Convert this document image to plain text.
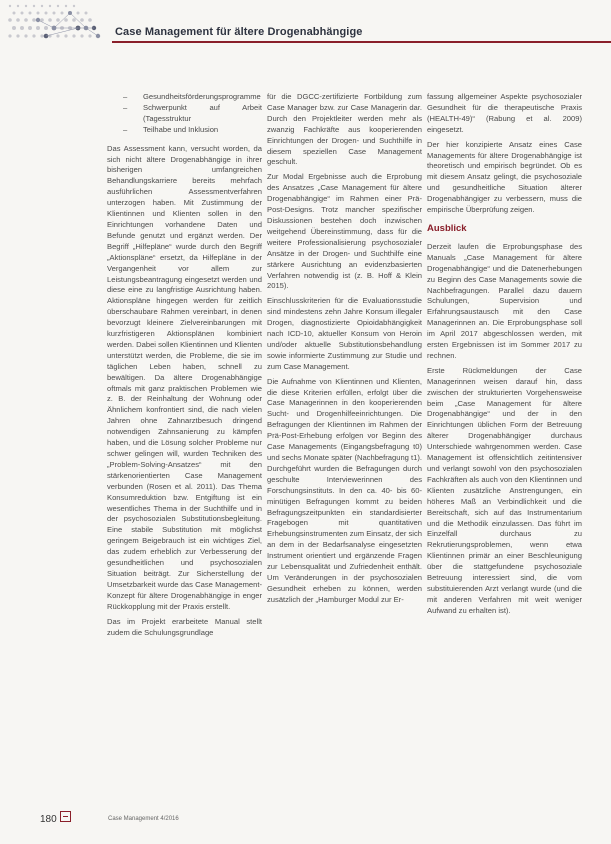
Case Management für ältere Drogenabhängige
– Gesundheitsförderungsprogramme
– Schwerpunkt auf Arbeit (Tagesstruktur
– Teilhabe und Inklusion

Das Assessment kann, versucht worden, da sich nicht ältere Drogenabhängige in ihrer bisherigen umfangreichen Behandlungskarriere bereits mehrfach ausführlichen Assessmentverfahren unterzogen haben. Mit Zustimmung der Klientinnen und Klienten sollen in den Einrichtungen vorhandene Daten und Befunde genutzt und ergänzt werden. Der Begriff „Hilfepläne“ wurde durch den Begriff „Aktionspläne“ ersetzt, da Hilfepläne in der Vergangenheit vor allem zur Leistungsbeantragung eingesetzt werden und diese eine zu langfristige Ausrichtung haben. Aktionspläne hingegen werden für zeitlich überschaubare Rahmen vereinbart, in denen bevorzugt kleinere Zielvereinbarungen mit kurzfristigeren Aktionsplänen kombiniert werden. Dabei sollen Klientinnen und Klienten unterstützt werden, die Probleme, die sie im täglichen Leben haben, schnell zu bewältigen. Da ältere Drogenabhängige oftmals mit ganz praktischen Problemen wie z. B. der Reinhaltung der Wohnung oder Ähnlichem konfrontiert sind, die nach vielen Jahren ohne Zahnarztbesuch dringend notwendigen Zahnsanierung zu kämpfen haben, und die Lösung solcher Probleme nur schwer gelingen will, wurden Techniken des „Problem-Solving-Ansatzes“ mit den stärkenorientierten Case Management verbunden (Rosen et al. 2011). Das Thema Konsumreduktion bzw. Entgiftung ist ein wesentliches Thema in der Suchthilfe und in der psychosozialen Substitutionsbegleitung. Eine stabile Substitution mit möglichst geringem Beigebrauch ist ein wichtiges Ziel, das zudem erheblich zur Verbesserung der gesundheitlichen und psychosozialen Situation beiträgt. Zur Sicherstellung der Umsetzbarkeit wurde das Case Management-Konzept für ältere Drogenabhängige in enger Rückkopplung mit der Praxis erstellt.

Das im Projekt erarbeitete Manual stellt zudem die Schulungsgrundlage

für die DGCC-zertifizierte Fortbildung zum Case Manager bzw. zur Case Managerin dar. Durch den Projektleiter werden mehr als zwanzig Fachkräfte aus kooperierenden Einrichtungen der Drogen- und Suchthilfe in diesem speziellen Case Management geschult.

Zur Modal Ergebnisse auch die Erprobung des Ansatzes „Case Management für ältere Drogenabhängige“ im Rahmen einer Prä-Post-Designs. Trotz mancher spezifischer Diskussionen bestehen doch inzwischen weitgehend Übereinstimmung, dass für die weitere Professionalisierung psychosozialer Ansätze in der Drogen- und Suchthilfe eine stärkere Ausrichtung an evidenzbasierten Verfahren notwendig ist (z. B. Hoff & Klein 2015).

Einschlusskriterien für die Evaluationsstudie sind mindestens zehn Jahre Konsum illegaler Drogen, diagnostizierte Opioidabhängigkeit nach ICD-10, aktueller Konsum von Heroin und/oder aktuelle Substitutionsbehandlung sowie informierte Zustimmung zur Studie und zum Case Management.

Die Aufnahme von Klientinnen und Klienten, die diese Kriterien erfüllen, erfolgt über die Case Managerinnen in den kooperierenden Sucht- und Drogenhilfeeinrichtungen. Die Befragungen der Klientinnen im Rahmen der Prä-Post-Erhebung erfolgen vor Beginn des Case Managements (Eingangsbefragung t0) und sechs Monate später (Nachbefragung t1). Durchgeführt wurden die Befragungen durch geschulte Interviewerinnen des Forschungsinstituts. In den ca. 40- bis 60-minütigen Befragungen kommt zu beiden Befragungszeitpunkten ein standardisierter Fragebogen mit quantitativen Erhebungsinstrumenten zum Einsatz, der sich an dem in der Bedarfsanalyse eingesetzten Instrument orientiert und ergänzende Fragen zur Lebensqualität und Zufriedenheit enthält. Um Veränderungen in der psychosozialen Gesundheit erheben zu können, werden zusätzlich der „Hamburger Modul zur Er-

fassung allgemeiner Aspekte psychosozialer Gesundheit für die therapeutische Praxis (HEALTH-49)“ (Rabung et al. 2009) eingesetzt.

Der hier konzipierte Ansatz eines Case Managements für ältere Drogenabhängige ist theoretisch und empirisch begründet. Ob es mit diesem Ansatz gelingt, die psychosoziale und gesundheitliche Situation älterer Drogenabhängiger zu verbessern, muss die empirische Überprüfung zeigen.

Ausblick

Derzeit laufen die Erprobungsphase des Manuals „Case Management für ältere Drogenabhängige“ und die Datenerhebungen zu Beginn des Case Managements sowie die Nachbefragungen. Parallel dazu dauern Schulungen, Supervision und Erfahrungsaustausch mit den Case Managerinnen an. Die Erprobungsphase soll im April 2017 abgeschlossen werden, mit ersten Ergebnissen ist im Sommer 2017 zu rechnen.

Erste Rückmeldungen der Case Managerinnen weisen darauf hin, dass zwischen der strukturierten Vorgehensweise beim „Case Management für ältere Drogenabhängige“ und der in den Einrichtungen üblichen Form der Betreuung älterer Drogenabhängiger durchaus Unterschiede wahrgenommen werden. Case Management ist offensichtlich zeitintensiver und verlangt sowohl von den psychosozialen Fachkräften als auch von den Klientinnen und Klienten zusätzliche Anstrengungen, ein höheres Maß an Verbindlichkeit und die Bereitschaft, sich auf das Instrumentarium und die Methodik einzulassen. Das führt im Einzelfall durchaus zu Rekrutierungsproblemen, wenn etwa Klientinnen primär an einer Beschleunigung über die stattgefundene psychosoziale Betreuung interessiert sind, die vom substituierenden Arzt verlangt wurde (und die mit anderen Verfahren mit weit weniger Aufwand zu erhalten ist).

180	Case Management 4/2016
